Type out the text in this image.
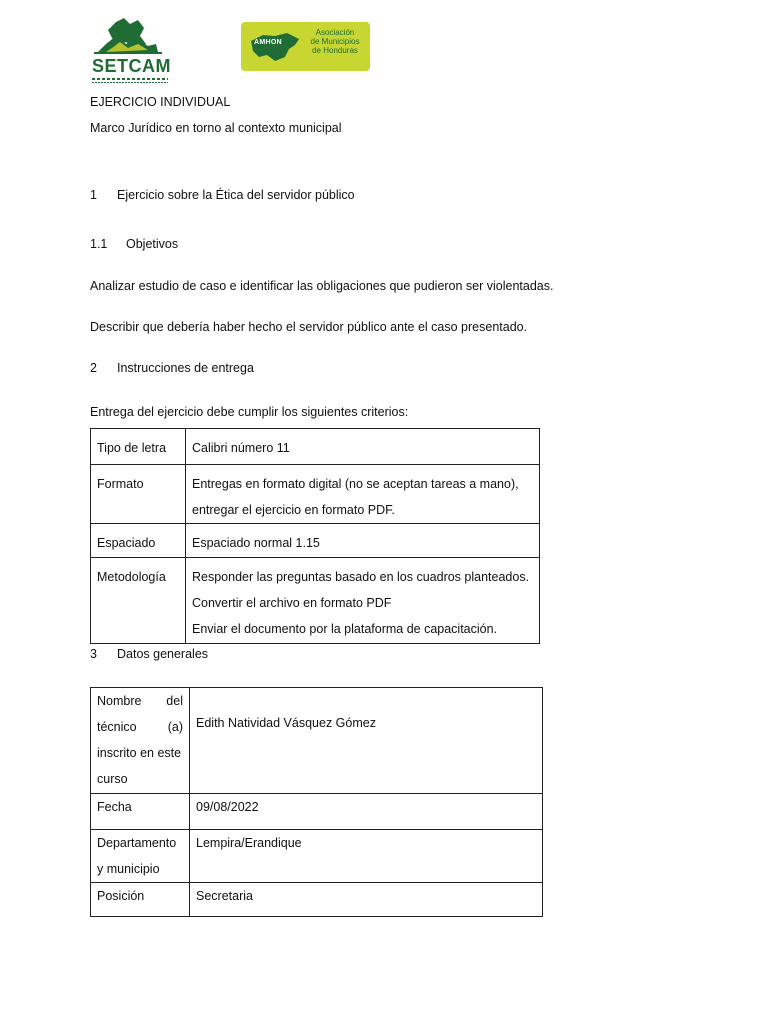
SETCAM
AMHON
Asociación
de Municipios
de Honduras
EJERCICIO INDIVIDUAL
Marco Jurídico en torno al contexto municipal
1 Ejercicio sobre la Ética del servidor público
1.1 Objetivos
Analizar estudio de caso e identificar las obligaciones que pudieron ser violentadas.
Describir que debería haber hecho el servidor público ante el caso presentado.
2 Instrucciones de entrega
Entrega del ejercicio debe cumplir los siguientes criterios:
Tipo de letra	Calibri número 11

Formato	Entregas en formato digital (no se aceptan tareas a mano),
entregar el ejercicio en formato PDF.

Espaciado	Espaciado normal 1.15

Metodología	Responder las preguntas basado en los cuadros planteados.
Convertir el archivo en formato PDF
Enviar el documento por la plataforma de capacitación.
3 Datos generales
Nombre del
técnico (a)
inscrito en este
curso	Edith Natividad Vásquez Gómez

Fecha	09/08/2022

Departamento
y municipio	Lempira/Erandique

Posición	Secretaria
